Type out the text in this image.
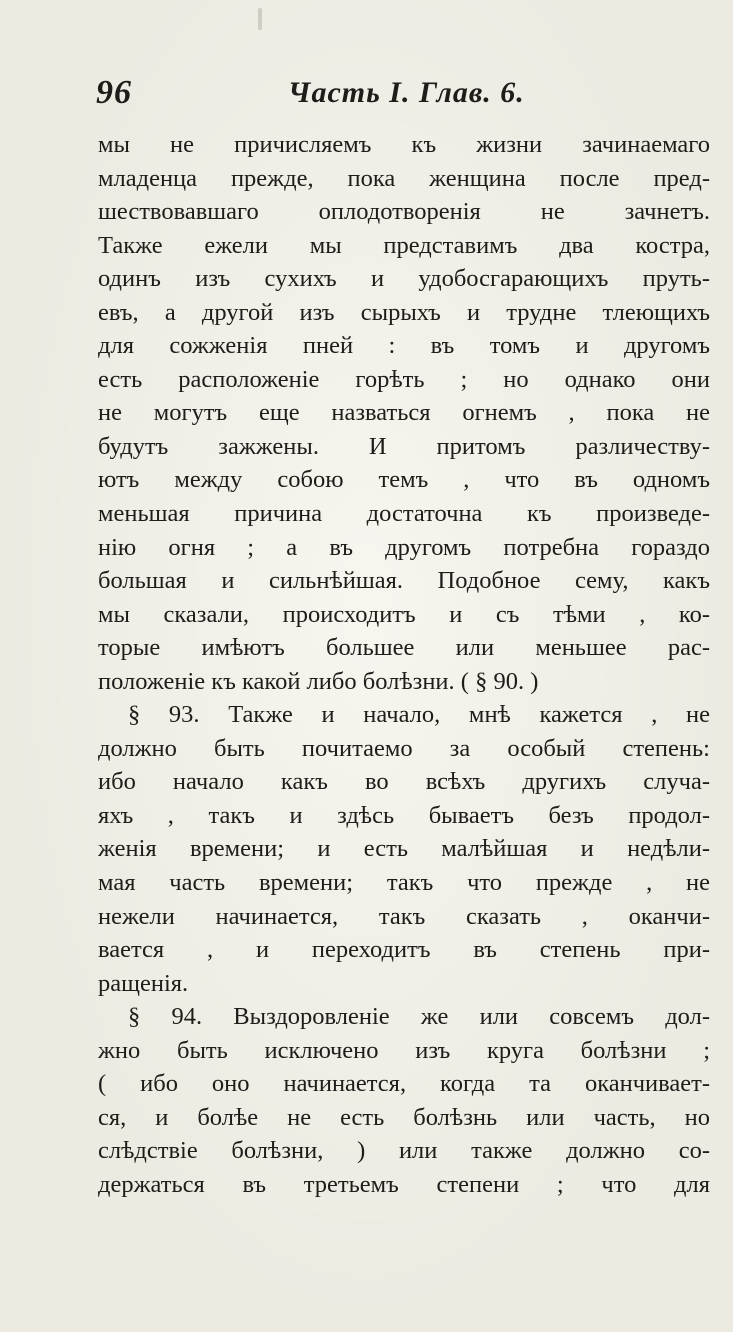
96	Часть I. Глав. 6.
мы не причисляемъ къ жизни зачинаемаго
младенца прежде, пока женщина после пред-
шествовавшаго оплодотворенія не зачнетъ.
Также ежели мы представимъ два костра,
одинъ изъ сухихъ и удобосгарающихъ пруть-
евъ, а другой изъ сырыхъ и трудне тлеющихъ
для сожженія пней : въ томъ и другомъ
есть расположеніе горѣть ; но однако они
не могутъ еще назваться огнемъ , пока не
будутъ зажжены. И притомъ различеству-
ютъ между собою темъ , что въ одномъ
меньшая причина достаточна къ произведе-
нію огня ; а въ другомъ потребна гораздо
большая и сильнѣйшая. Подобное сему, какъ
мы сказали, происходитъ и съ тѣми , ко-
торые имѣютъ большее или меньшее рас-
положеніе къ какой либо болѣзни. ( § 90. )
§ 93. Также и начало, мнѣ кажется , не
должно быть почитаемо за особый степень:
ибо начало какъ во всѣхъ другихъ случа-
яхъ , такъ и здѣсь бываетъ безъ продол-
женія времени; и есть малѣйшая и недѣли-
мая часть времени; такъ что прежде , не
нежели начинается, такъ сказать , оканчи-
вается , и переходитъ въ степень при-
ращенія.
§ 94. Выздоровленіе же или совсемъ дол-
жно быть исключено изъ круга болѣзни ;
( ибо оно начинается, когда та оканчивает-
ся, и болѣе не есть болѣзнь или часть, но
слѣдствіе болѣзни, ) или также должно со-
держаться въ третьемъ степени ; что для
